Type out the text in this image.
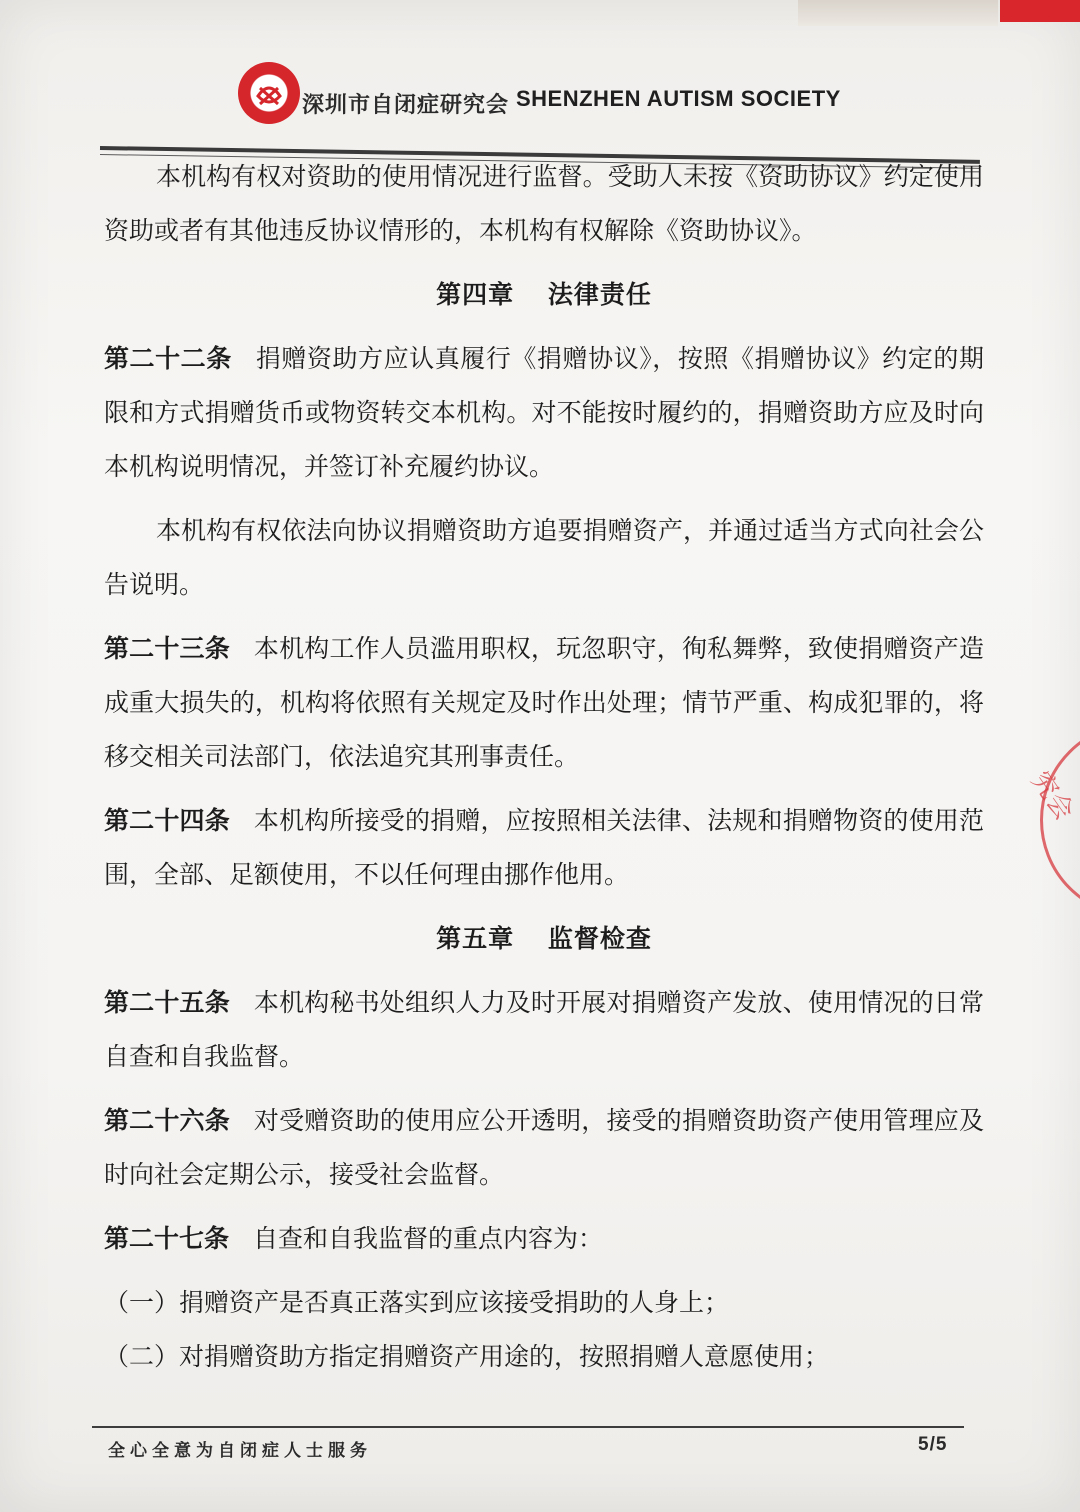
深圳市自闭症研究会 SHENZHEN AUTISM SOCIETY

本机构有权对资助的使用情况进行监督。受助人未按《资助协议》约定使用资助或者有其他违反协议情形的，本机构有权解除《资助协议》。

第四章 法律责任

第二十二条 捐赠资助方应认真履行《捐赠协议》，按照《捐赠协议》约定的期限和方式捐赠货币或物资转交本机构。对不能按时履约的，捐赠资助方应及时向本机构说明情况，并签订补充履约协议。

本机构有权依法向协议捐赠资助方追要捐赠资产，并通过适当方式向社会公告说明。

第二十三条 本机构工作人员滥用职权，玩忽职守，徇私舞弊，致使捐赠资产造成重大损失的，机构将依照有关规定及时作出处理；情节严重、构成犯罪的，将移交相关司法部门，依法追究其刑事责任。

第二十四条 本机构所接受的捐赠，应按照相关法律、法规和捐赠物资的使用范围，全部、足额使用，不以任何理由挪作他用。

第五章 监督检查

第二十五条 本机构秘书处组织人力及时开展对捐赠资产发放、使用情况的日常自查和自我监督。

第二十六条 对受赠资助的使用应公开透明，接受的捐赠资助资产使用管理应及时向社会定期公示，接受社会监督。

第二十七条 自查和自我监督的重点内容为：

（一）捐赠资产是否真正落实到应该接受捐助的人身上；

（二）对捐赠资助方指定捐赠资产用途的，按照捐赠人意愿使用；

全心全意为自闭症人士服务	5/5
究会
